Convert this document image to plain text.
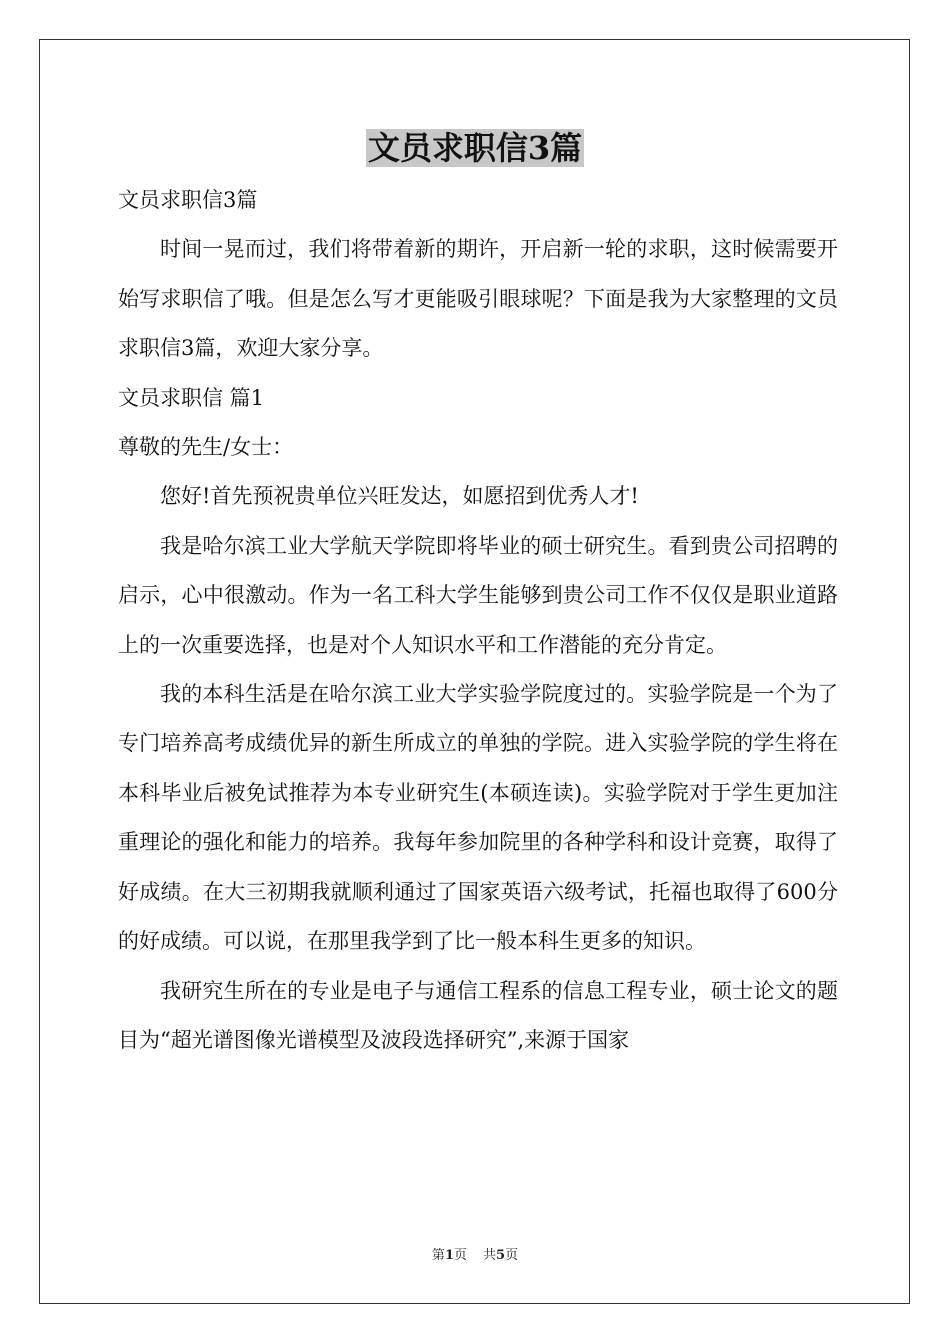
文员求职信3篇

文员求职信3篇

时间一晃而过，我们将带着新的期许，开启新一轮的求职，这时候需要开始写求职信了哦。但是怎么写才更能吸引眼球呢？下面是我为大家整理的文员求职信3篇，欢迎大家分享。

文员求职信 篇1

尊敬的先生/女士：

您好!首先预祝贵单位兴旺发达，如愿招到优秀人才!

我是哈尔滨工业大学航天学院即将毕业的硕士研究生。看到贵公司招聘的启示，心中很激动。作为一名工科大学生能够到贵公司工作不仅仅是职业道路上的一次重要选择，也是对个人知识水平和工作潜能的充分肯定。

我的本科生活是在哈尔滨工业大学实验学院度过的。实验学院是一个为了专门培养高考成绩优异的新生所成立的单独的学院。进入实验学院的学生将在本科毕业后被免试推荐为本专业研究生(本硕连读)。实验学院对于学生更加注重理论的强化和能力的培养。我每年参加院里的各种学科和设计竞赛，取得了好成绩。在大三初期我就顺利通过了国家英语六级考试，托福也取得了600分的好成绩。可以说，在那里我学到了比一般本科生更多的知识。

我研究生所在的专业是电子与通信工程系的信息工程专业，硕士论文的题目为“超光谱图像光谱模型及波段选择研究”,来源于国家

第1页 共5页
